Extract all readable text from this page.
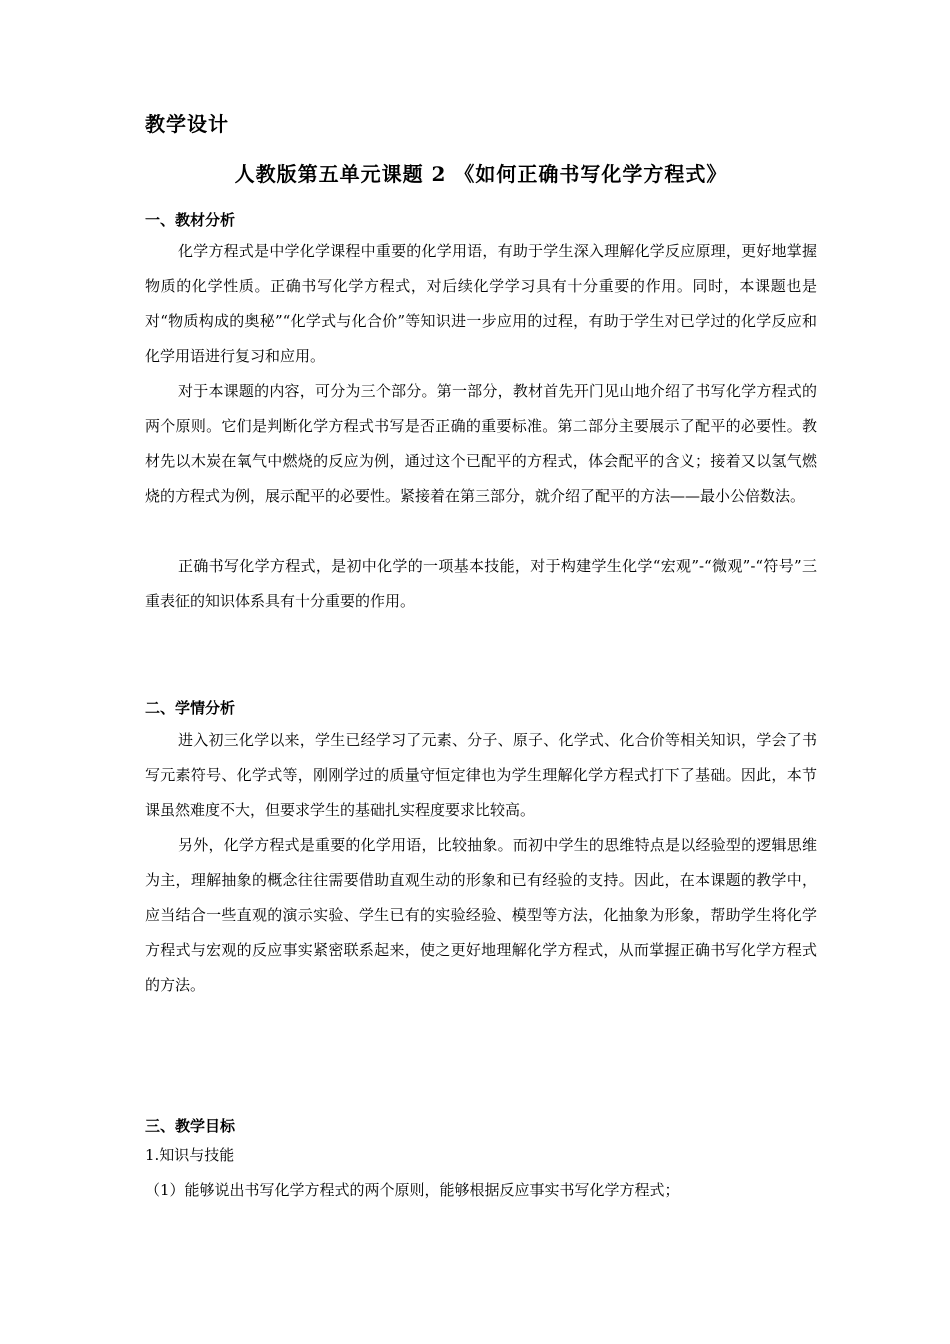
教学设计
人教版第五单元课题 2 《如何正确书写化学方程式》
一、教材分析

化学方程式是中学化学课程中重要的化学用语，有助于学生深入理解化学反应原理，更好地掌握物质的化学性质。正确书写化学方程式，对后续化学学习具有十分重要的作用。同时，本课题也是对“物质构成的奥秘”“化学式与化合价”等知识进一步应用的过程，有助于学生对已学过的化学反应和化学用语进行复习和应用。

对于本课题的内容，可分为三个部分。第一部分，教材首先开门见山地介绍了书写化学方程式的两个原则。它们是判断化学方程式书写是否正确的重要标准。第二部分主要展示了配平的必要性。教材先以木炭在氧气中燃烧的反应为例，通过这个已配平的方程式，体会配平的含义；接着又以氢气燃烧的方程式为例，展示配平的必要性。紧接着在第三部分，就介绍了配平的方法——最小公倍数法。

正确书写化学方程式，是初中化学的一项基本技能，对于构建学生化学“宏观”-“微观”-“符号”三重表征的知识体系具有十分重要的作用。

二、学情分析

进入初三化学以来，学生已经学习了元素、分子、原子、化学式、化合价等相关知识，学会了书写元素符号、化学式等，刚刚学过的质量守恒定律也为学生理解化学方程式打下了基础。因此，本节课虽然难度不大，但要求学生的基础扎实程度要求比较高。

另外，化学方程式是重要的化学用语，比较抽象。而初中学生的思维特点是以经验型的逻辑思维为主，理解抽象的概念往往需要借助直观生动的形象和已有经验的支持。因此，在本课题的教学中，应当结合一些直观的演示实验、学生已有的实验经验、模型等方法，化抽象为形象，帮助学生将化学方程式与宏观的反应事实紧密联系起来，使之更好地理解化学方程式，从而掌握正确书写化学方程式的方法。

三、教学目标
1.知识与技能
（1）能够说出书写化学方程式的两个原则，能够根据反应事实书写化学方程式；
